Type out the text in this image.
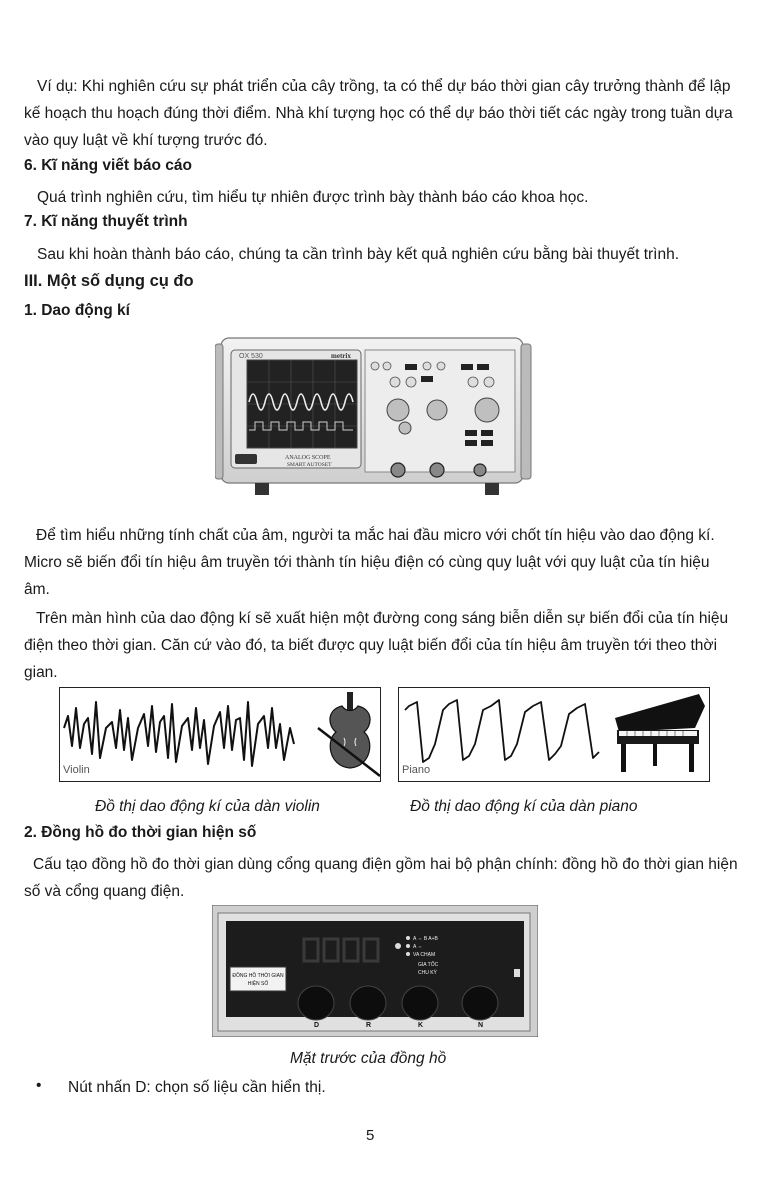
Ví dụ: Khi nghiên cứu sự phát triển của cây trồng, ta có thể dự báo thời gian cây trưởng thành để lập kế hoạch thu hoạch đúng thời điểm. Nhà khí tượng học có thể dự báo thời tiết các ngày trong tuần dựa vào quy luật về khí tượng trước đó.

6. Kĩ năng viết báo cáo

Quá trình nghiên cứu, tìm hiểu tự nhiên được trình bày thành báo cáo khoa học.

7. Kĩ năng thuyết trình

Sau khi hoàn thành báo cáo, chúng ta cần trình bày kết quả nghiên cứu bằng bài thuyết trình.

III. Một số dụng cụ đo
1. Dao động kí
OX 530	metrix
ANALOG SCOPE
SMART AUTOSET

Để tìm hiểu những tính chất của âm, người ta mắc hai đầu micro với chốt tín hiệu vào dao động kí. Micro sẽ biến đổi tín hiệu âm truyền tới thành tín hiệu điện có cùng quy luật với quy luật của tín hiệu âm.

Trên màn hình của dao động kí sẽ xuất hiện một đường cong sáng biễn diễn sự biến đổi của tín hiệu điện theo thời gian. Căn cứ vào đó, ta biết được quy luật biến đổi của tín hiệu âm truyền tới theo thời gian.

Violin	Piano
Đồ thị dao động kí của dàn violin	Đồ thị dao động kí của dàn piano
2. Đồng hồ đo thời gian hiện số

Cấu tạo đồng hồ đo thời gian dùng cổng quang điện gồm hai bộ phận chính: đồng hồ đo thời gian hiện số và cổng quang điện.

A ⇔ B A+B
A ⇔
VA CHẠM
GIA TỐC
CHU KỲ
ĐỒNG HỒ THỜI GIAN
HIỆN SỐ
D	R	K	N
Mặt trước của đồng hồ
• Nút nhấn D: chọn số liệu cần hiển thị.
5
